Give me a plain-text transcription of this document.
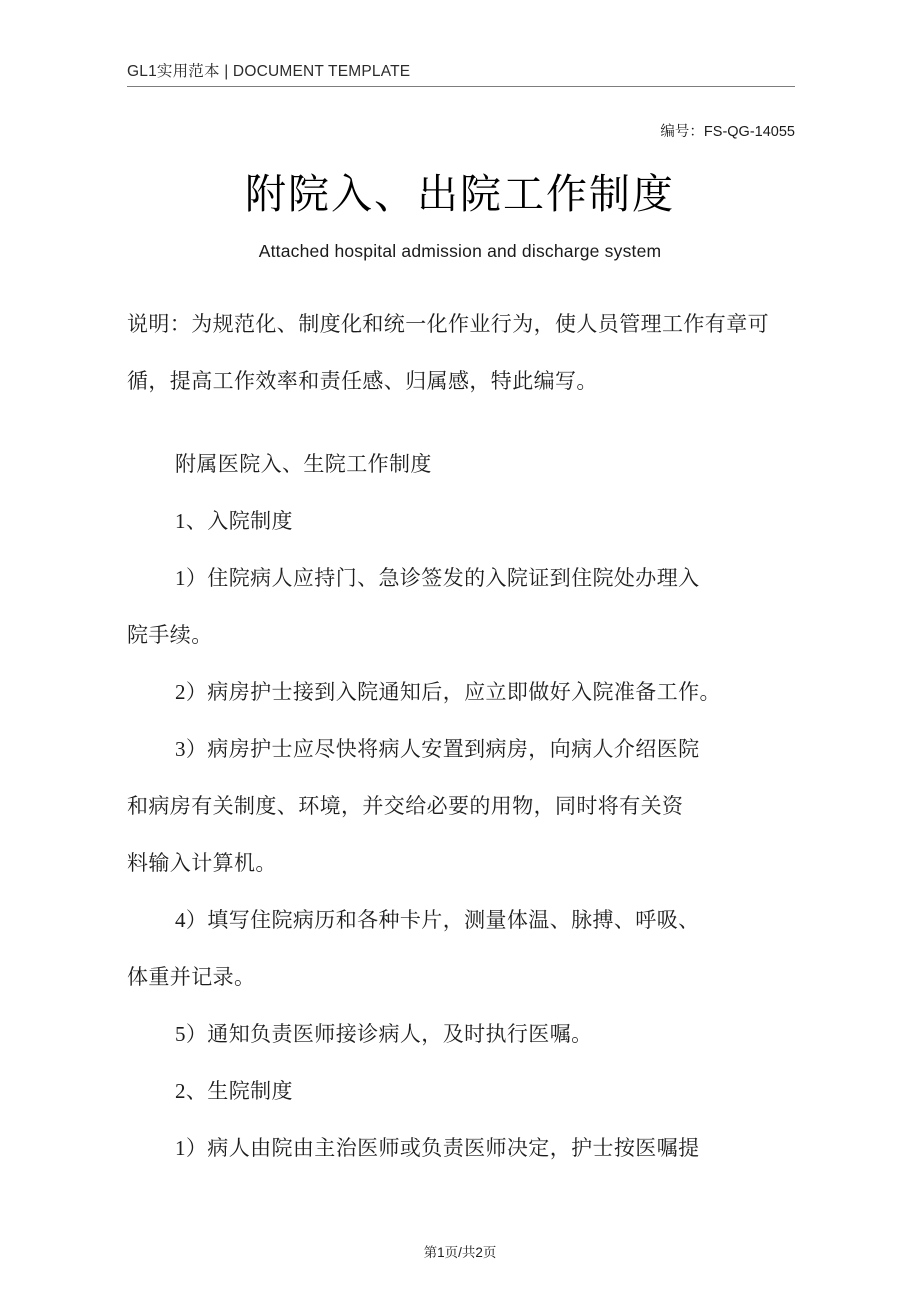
GL1实用范本 | DOCUMENT TEMPLATE
编号：FS-QG-14055
附院入、出院工作制度
Attached hospital admission and discharge system
说明：为规范化、制度化和统一化作业行为，使人员管理工作有章可
循，提高工作效率和责任感、归属感，特此编写。
附属医院入、生院工作制度
1、入院制度
1）住院病人应持门、急诊签发的入院证到住院处办理入
院手续。
2）病房护士接到入院通知后，应立即做好入院准备工作。
3）病房护士应尽快将病人安置到病房，向病人介绍医院
和病房有关制度、环境，并交给必要的用物，同时将有关资
料输入计算机。
4）填写住院病历和各种卡片，测量体温、脉搏、呼吸、
体重并记录。
5）通知负责医师接诊病人，及时执行医嘱。
2、生院制度
1）病人由院由主治医师或负责医师决定，护士按医嘱提
第1页/共2页
